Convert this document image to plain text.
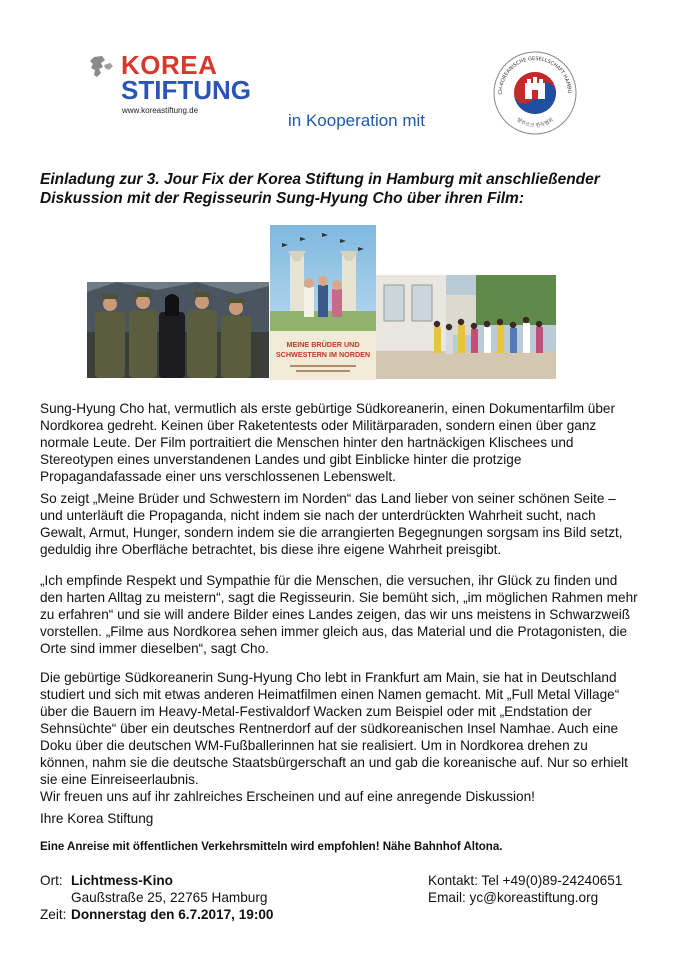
KOREA
STIFTUNG
www.koreastiftung.de
in Kooperation mit
CH-KOREANISCHE GESELLSCHAFT HAMBU
함부르크 한독협회
Einladung zur 3. Jour Fix der Korea Stiftung in Hamburg mit anschließender Diskussion mit der Regisseurin Sung-Hyung Cho über ihren Film:
MEINE BRÜDER UND
SCHWESTERN IM NORDEN
Sung-Hyung Cho hat, vermutlich als erste gebürtige Südkoreanerin, einen Dokumentarfilm über Nordkorea gedreht. Keinen über Raketentests oder Militärparaden, sondern einen über ganz normale Leute. Der Film portraitiert die Menschen hinter den hartnäckigen Klischees und Stereotypen eines unverstandenen Landes und gibt Einblicke hinter die protzige Propagandafassade einer uns verschlossenen Lebenswelt.
So zeigt „Meine Brüder und Schwestern im Norden“ das Land lieber von seiner schönen Seite – und unterläuft die Propaganda, nicht indem sie nach der unterdrückten Wahrheit sucht, nach Gewalt, Armut, Hunger, sondern indem sie die arrangierten Begegnungen sorgsam ins Bild setzt, geduldig ihre Oberfläche betrachtet, bis diese ihre eigene Wahrheit preisgibt.
„Ich empfinde Respekt und Sympathie für die Menschen, die versuchen, ihr Glück zu finden und den harten Alltag zu meistern“, sagt die Regisseurin. Sie bemüht sich, „im möglichen Rahmen mehr zu erfahren“ und sie will andere Bilder eines Landes zeigen, das wir uns meistens in Schwarzweiß vorstellen. „Filme aus Nordkorea sehen immer gleich aus, das Material und die Protagonisten, die Orte sind immer dieselben“, sagt Cho.
Die gebürtige Südkoreanerin Sung-Hyung Cho lebt in Frankfurt am Main, sie hat in Deutschland studiert und sich mit etwas anderen Heimatfilmen einen Namen gemacht. Mit „Full Metal Village“ über die Bauern im Heavy-Metal-Festivaldorf Wacken zum Beispiel oder mit „Endstation der Sehnsüchte“ über ein deutsches Rentnerdorf auf der südkoreanischen Insel Namhae. Auch eine Doku über die deutschen WM-Fußballerinnen hat sie realisiert. Um in Nordkorea drehen zu können, nahm sie die deutsche Staatsbürgerschaft an und gab die koreanische auf. Nur so erhielt sie eine Einreiseerlaubnis.
Wir freuen uns auf ihr zahlreiches Erscheinen und auf eine anregende Diskussion!
Ihre Korea Stiftung
Eine Anreise mit öffentlichen Verkehrsmitteln wird empfohlen! Nähe Bahnhof Altona.
Ort: Lichtmess-Kino
Gaußstraße 25, 22765 Hamburg
Zeit: Donnerstag den 6.7.2017, 19:00
Kontakt: Tel +49(0)89-24240651
Email: yc@koreastiftung.org
